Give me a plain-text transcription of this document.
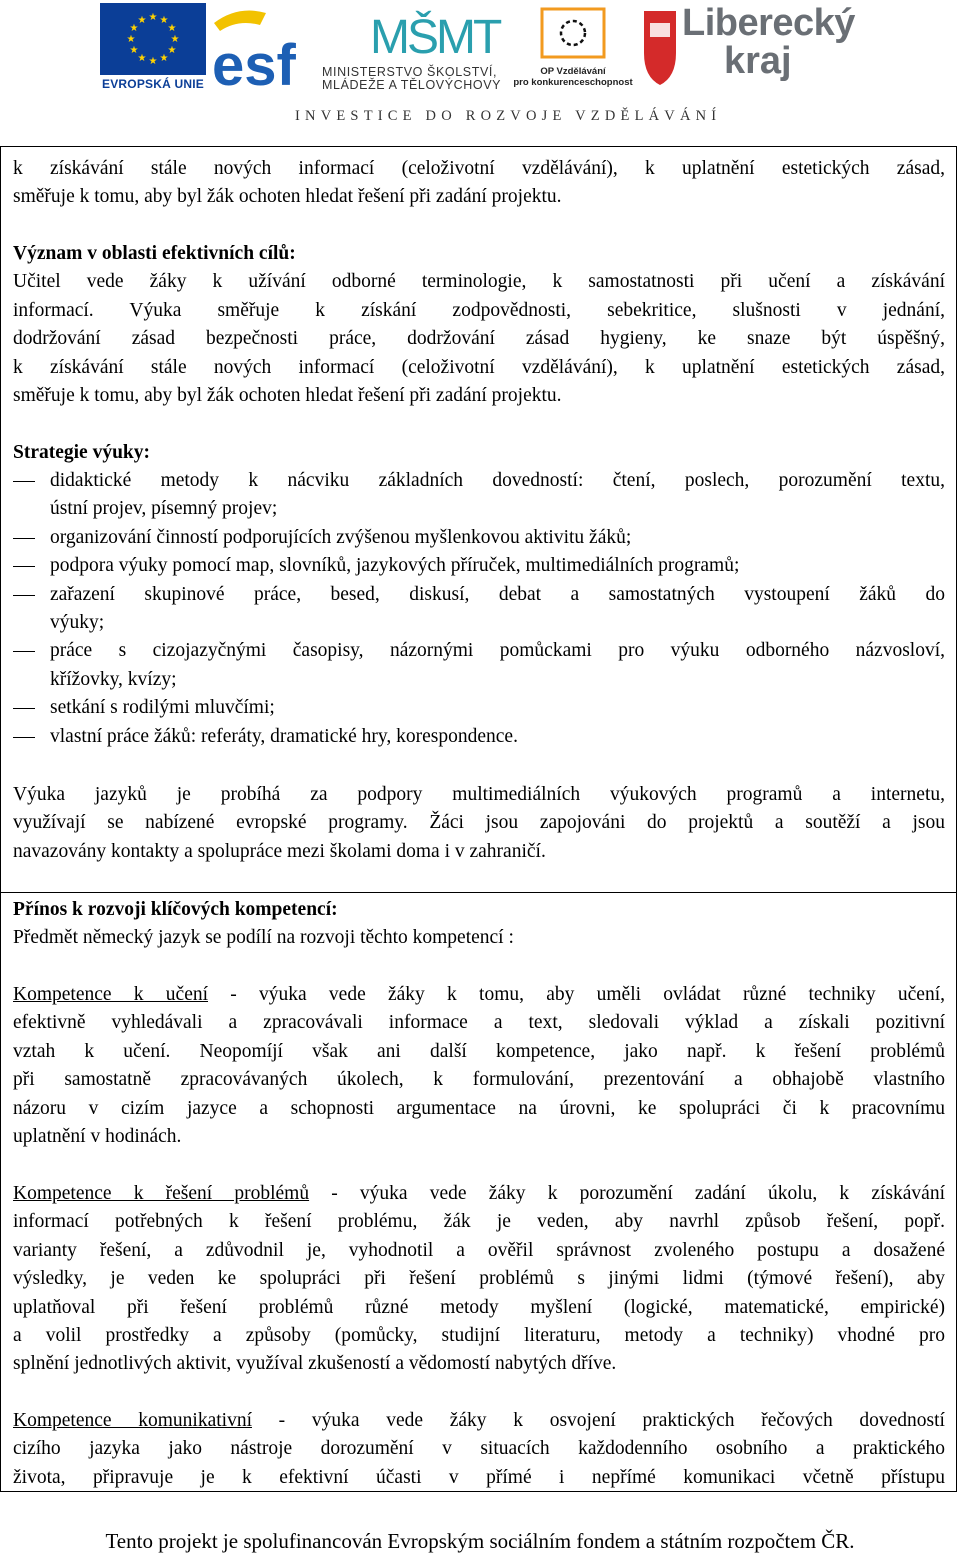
★ ★
★
★
★
★
★
★
★
★
★
★
EVROPSKÁ UNIE esf MŠMT
MINISTERSTVO ŠKOLSTVÍ,
MLÁDEŽE A TĚLOVÝCHOVY
OP Vzdělávání
pro konkurenceschopnost
Liberecký
kraj
INVESTICE DO ROZVOJE VZDĚLÁVÁNÍ
k získávání stále nových informací (celoživotní vzdělávání), k uplatnění estetických zásad,
směřuje k tomu, aby byl žák ochoten hledat řešení při zadání projektu.
Význam v oblasti efektivních cílů:
Učitel vede žáky k užívání odborné terminologie, k samostatnosti při učení a získávání
informací. Výuka směřuje k získání zodpovědnosti, sebekritice, slušnosti v jednání,
dodržování zásad bezpečnosti práce, dodržování zásad hygieny, ke snaze být úspěšný,
k získávání stále nových informací (celoživotní vzdělávání), k uplatnění estetických zásad,
směřuje k tomu, aby byl žák ochoten hledat řešení při zadání projektu.
Strategie výuky:
didaktické metody k nácviku základních dovedností: čtení, poslech, porozumění textu,
ústní projev, písemný projev;
organizování činností podporujících zvýšenou myšlenkovou aktivitu žáků;
podpora výuky pomocí map, slovníků, jazykových příruček, multimediálních programů;
zařazení skupinové práce, besed, diskusí, debat a samostatných vystoupení žáků do
výuky;
práce s cizojazyčnými časopisy, názornými pomůckami pro výuku odborného názvosloví,
křížovky, kvízy;
setkání s rodilými mluvčími;
vlastní práce žáků: referáty, dramatické hry, korespondence.
Výuka jazyků je probíhá za podpory multimediálních výukových programů a internetu,
využívají se nabízené evropské programy. Žáci jsou zapojováni do projektů a soutěží a jsou
navazovány kontakty a spolupráce mezi školami doma i v zahraničí.
Přínos k rozvoji klíčových kompetencí:
Předmět německý jazyk se podílí na rozvoji těchto kompetencí :
Kompetence k učení - výuka vede žáky k tomu, aby uměli ovládat různé techniky učení,
efektivně vyhledávali a zpracovávali informace a text, sledovali výklad a získali pozitivní
vztah k učení. Neopomíjí však ani další kompetence, jako např. k řešení problémů
při samostatně zpracovávaných úkolech, k formulování, prezentování a obhajobě vlastního
názoru v cizím jazyce a schopnosti argumentace na úrovni, ke spolupráci či k pracovnímu
uplatnění v hodinách.
Kompetence k řešení problémů - výuka vede žáky k porozumění zadání úkolu, k získávání
informací potřebných k řešení problému, žák je veden, aby navrhl způsob řešení, popř.
varianty řešení, a zdůvodnil je, vyhodnotil a ověřil správnost zvoleného postupu a dosažené
výsledky, je veden ke spolupráci při řešení problémů s jinými lidmi (týmové řešení), aby
uplatňoval při řešení problémů různé metody myšlení (logické, matematické, empirické)
a volil prostředky a způsoby (pomůcky, studijní literaturu, metody a techniky) vhodné pro
splnění jednotlivých aktivit, využíval zkušeností a vědomostí nabytých dříve.
Kompetence komunikativní - výuka vede žáky k osvojení praktických řečových dovedností
cizího jazyka jako nástroje dorozumění v situacích každodenního osobního a praktického
života, připravuje je k efektivní účasti v přímé i nepřímé komunikaci včetně přístupu
Tento projekt je spolufinancován Evropským sociálním fondem a státním rozpočtem ČR.
